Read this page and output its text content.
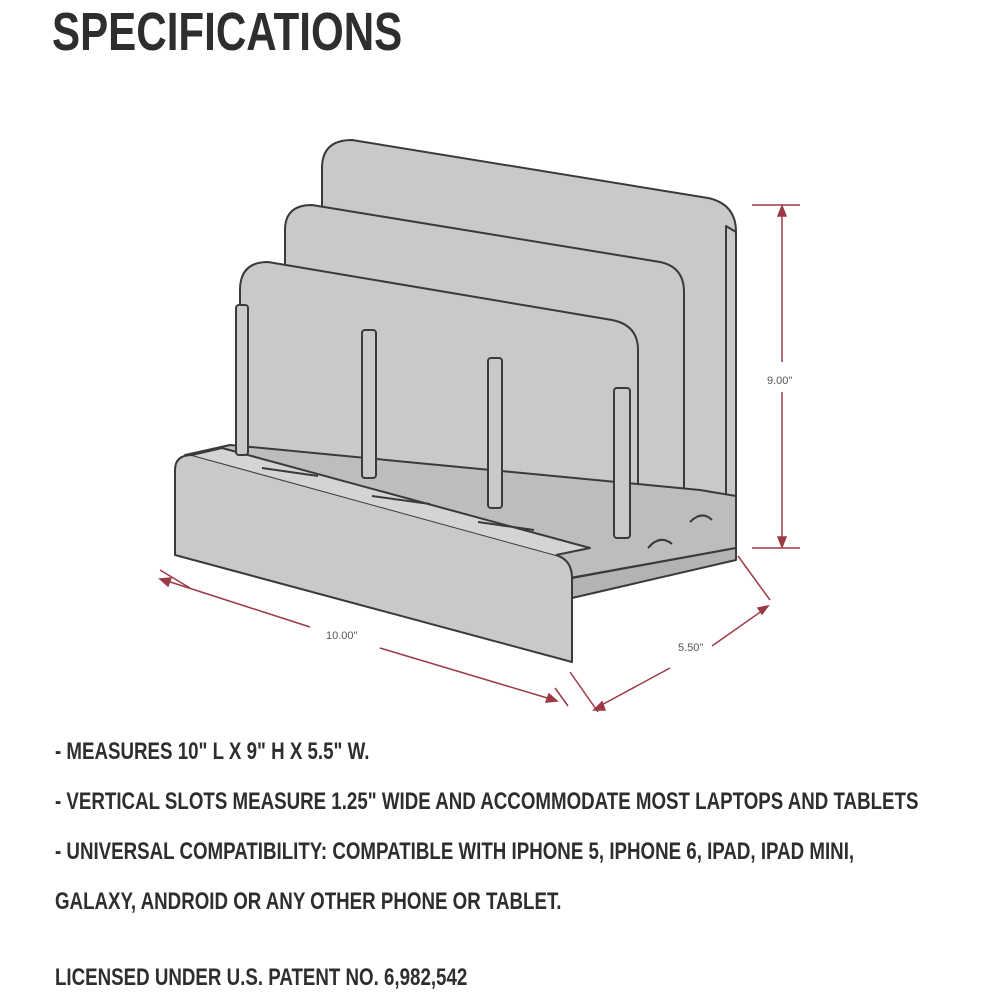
SPECIFICATIONS
9.00"
10.00"
5.50"
- MEASURES 10" L X 9" H X 5.5" W.
- VERTICAL SLOTS MEASURE 1.25" WIDE AND ACCOMMODATE MOST LAPTOPS AND TABLETS
- UNIVERSAL COMPATIBILITY: COMPATIBLE WITH IPHONE 5, IPHONE 6, IPAD, IPAD MINI,
GALAXY, ANDROID OR ANY OTHER PHONE OR TABLET.
LICENSED UNDER U.S. PATENT NO. 6,982,542
